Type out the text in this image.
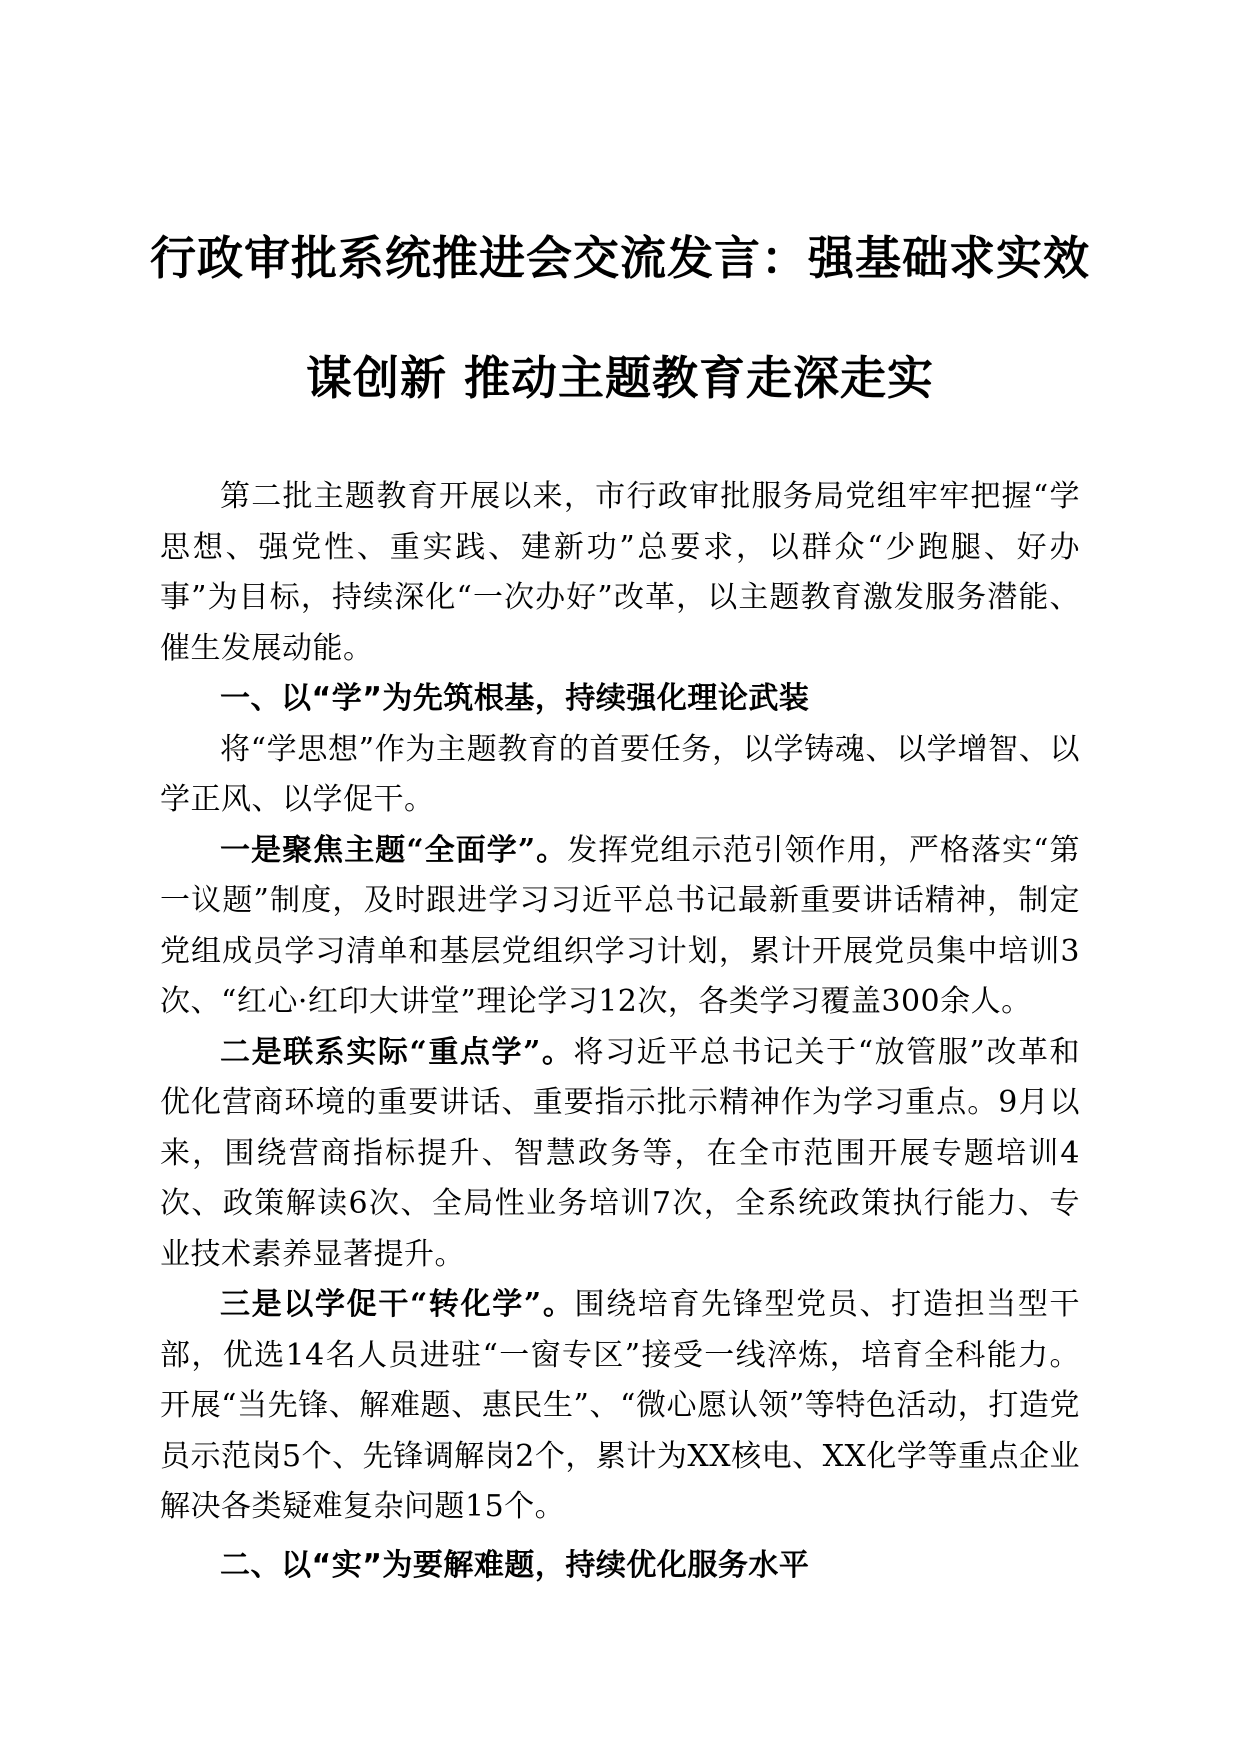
行政审批系统推进会交流发言：强基础求实效
谋创新 推动主题教育走深走实

第二批主题教育开展以来，市行政审批服务局党组牢牢把握“学思想、强党性、重实践、建新功”总要求，以群众“少跑腿、好办事”为目标，持续深化“一次办好”改革，以主题教育激发服务潜能、催生发展动能。

一、以“学”为先筑根基，持续强化理论武装

将“学思想”作为主题教育的首要任务，以学铸魂、以学增智、以学正风、以学促干。

一是聚焦主题“全面学”。发挥党组示范引领作用，严格落实“第一议题”制度，及时跟进学习习近平总书记最新重要讲话精神，制定党组成员学习清单和基层党组织学习计划，累计开展党员集中培训3次、“红心·红印大讲堂”理论学习12次，各类学习覆盖300余人。

二是联系实际“重点学”。将习近平总书记关于“放管服”改革和优化营商环境的重要讲话、重要指示批示精神作为学习重点。9月以来，围绕营商指标提升、智慧政务等，在全市范围开展专题培训4次、政策解读6次、全局性业务培训7次，全系统政策执行能力、专业技术素养显著提升。

三是以学促干“转化学”。围绕培育先锋型党员、打造担当型干部，优选14名人员进驻“一窗专区”接受一线淬炼，培育全科能力。开展“当先锋、解难题、惠民生”、“微心愿认领”等特色活动，打造党员示范岗5个、先锋调解岗2个，累计为XX核电、XX化学等重点企业解决各类疑难复杂问题15个。

二、以“实”为要解难题，持续优化服务水平
